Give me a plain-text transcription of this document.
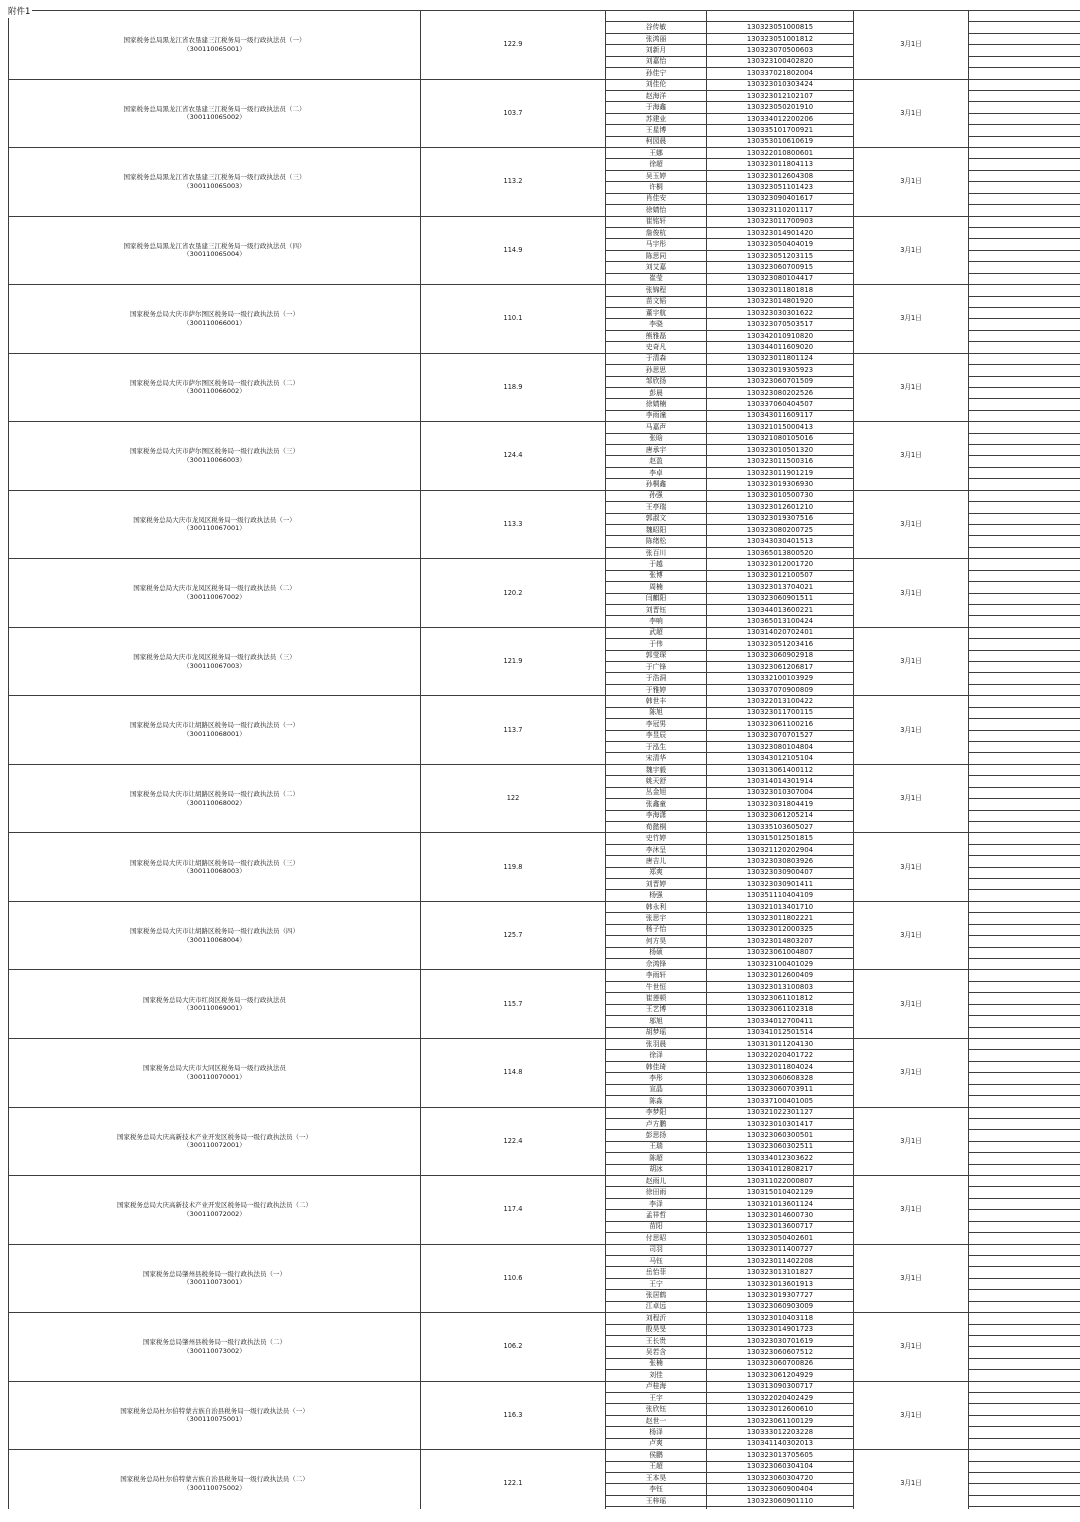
附件1
国家税务总局黑龙江省农垦建三江税务局一级行政执法员（一）
（300110065001）	122.9			3月1日	
		谷传敏	130323051000815		
		张鸿丽	130323051001812		
		刘新月	130323070500603		
		刘嘉怡	130323100402820		
		孙佳宁	130337021802004		

国家税务总局黑龙江省农垦建三江税务局一级行政执法员（二）
（300110065002）	103.7	刘佳伦	130323010303424	3月1日	
		赵海洋	130323012102107		
		于海鑫	130323050201910		
		苏建业	130334012200206		
		王星博	130335101700921		
		柯园晨	130353010610619		

国家税务总局黑龙江省农垦建三江税务局一级行政执法员（三）
（300110065003）	113.2	王娜	130322010800601	3月1日	
		徐超	130323011804113		
		吴玉婷	130323012604308		
		许桐	130323051101423		
		肖佳安	130323090401617		
		徐婧怡	130323110201117		

国家税务总局黑龙江省农垦建三江税务局一级行政执法员（四）
（300110065004）	114.9	崔铭轩	130323011700903	3月1日	
		詹俊杭	130323014901420		
		马宇彤	130323050404019		
		陈思同	130323051203115		
		刘艾嘉	130323060700915		
		崔莹	130323080104417		

国家税务总局大庆市萨尔图区税务局一级行政执法员（一）
（300110066001）	110.1	张锦程	130323011801818	3月1日	
		苗文韬	130323014801920		
		董宇航	130323030301622		
		李骁	130323070503517		
		熊雅磊	130342010910820		
		史奇凡	130344011609020		

国家税务总局大庆市萨尔图区税务局一级行政执法员（二）
（300110066002）	118.9	于清森	130323011801124	3月1日	
		孙思思	130323019305923		
		邹欣扬	130323060701509		
		彭晨	130323080202526		
		徐婧楠	130337060404507		
		李雨潼	130343011609117		

国家税务总局大庆市萨尔图区税务局一级行政执法员（三）
（300110066003）	124.4	马嘉声	130321015000413	3月1日	
		张晗	130321080105016		
		唐承宇	130323010501320		
		赵盈	130323011500316		
		李卓	130323011901219		
		孙桐鑫	130323019306930		

国家税务总局大庆市龙凤区税务局一级行政执法员（一）
（300110067001）	113.3	孙强	130323010500730	3月1日	
		王亭瑞	130323012601210		
		郭淑文	130323019307516		
		魏昭阳	130323080200725		
		陈绪松	130343030401513		
		张百川	130365013800520		

国家税务总局大庆市龙凤区税务局一级行政执法员（二）
（300110067002）	120.2	于越	130323012001720	3月1日	
		张博	130323012100507		
		周楠	130323013704021		
		闫麒阳	130323060901511		
		刘晋钰	130344013600221		
		李响	130365013100424		

国家税务总局大庆市龙凤区税务局一级行政执法员（三）
（300110067003）	121.9	武超	130314020702401	3月1日	
		于伟	130323051203416		
		郭莹琛	130323060902918		
		于广锋	130323061206817		
		于浩洞	130332100103929		
		于雅婷	130337070900809		

国家税务总局大庆市让胡路区税务局一级行政执法员（一）
（300110068001）	113.7	韩世丰	130322013100422	3月1日	
		陈旭	130323011700115		
		李冠男	130323061100216		
		李昱辰	130323070701527		
		于泓生	130323080104804		
		宋清华	130343012105104		

国家税务总局大庆市让胡路区税务局一级行政执法员（二）
（300110068002）	122	魏宇毅	130313061400112	3月1日	
		姚天舒	130314014301914		
		丛金旭	130323010307004		
		张鑫童	130323031804419		
		李海潇	130323061205214		
		荀懿桐	130335103605027		

国家税务总局大庆市让胡路区税务局一级行政执法员（三）
（300110068003）	119.8	史竹婷	130315012501815	3月1日	
		李沐呈	130321120202904		
		唐吉儿	130323030803926		
		郑爽	130323030900407		
		刘晋婷	130323030901411		
		杨强	130351110404109		

国家税务总局大庆市让胡路区税务局一级行政执法员（四）
（300110068004）	125.7	韩永利	130321013401710	3月1日	
		张思宇	130323011802221		
		杨子怡	130323012000325		
		何方昊	130323014803207		
		杨硕	130323061004807		
		佘鸿锋	130323100401029		

国家税务总局大庆市红岗区税务局一级行政执法员
（300110069001）	115.7	李雨轩	130323012600409	3月1日	
		牛世恒	130323013100803		
		崔莲顿	130323061101812		
		王艺博	130323061102318		
		邬旭	130334012700411		
		胡梦瑶	130341012501514		

国家税务总局大庆市大同区税务局一级行政执法员
（300110070001）	114.8	张羽晨	130313011204130	3月1日	
		徐泽	130322020401722		
		韩佳琦	130323011804024		
		李彤	130323060608328		
		宣晶	130323060703911		
		陈淼	130337100401005		

国家税务总局大庆高新技术产业开发区税务局一级行政执法员（一）
（300110072001）	122.4	李梦阳	130321022301127	3月1日	
		卢方鹏	130323010301417		
		彭思扬	130323060300501		
		王瑞	130323060302511		
		陈超	130334012303622		
		胡冰	130341012808217		

国家税务总局大庆高新技术产业开发区税务局一级行政执法员（二）
（300110072002）	117.4	赵雨儿	130311022000807	3月1日	
		徐田雨	130315010402129		
		李泽	130321013601124		
		孟祥哲	130323014600730		
		苗阳	130323013600717		
		付思昭	130323050402601		

国家税务总局肇州县税务局一级行政执法员（一）
（300110073001）	110.6	司羽	130323011400727	3月1日	
		马钰	130323011402208		
		岳怡菲	130323013101827		
		王宁	130323013601913		
		张居鹤	130323019307727		
		江卓远	130323060903009		

国家税务总局肇州县税务局一级行政执法员（二）
（300110073002）	106.2	刘程沂	130323010403118	3月1日	
		殷昊旻	130323014901723		
		王长贵	130323030701619		
		吴若含	130323060607512		
		张楠	130323060700826		
		刘佳	130323061204929		

国家税务总局杜尔伯特蒙古族自治县税务局一级行政执法员（一）
（300110075001）	116.3	卢桂海	130313090300717	3月1日	
		王宇	130322020402429		
		张欣钰	130323012600610		
		赵世一	130323061100129		
		杨泽	130333012203228		
		卢爽	130341140302013		

国家税务总局杜尔伯特蒙古族自治县税务局一级行政执法员（二）
（300110075002）	122.1	侯鹏	130323013705605	3月1日	
		王超	130323060304104		
		王本昊	130323060304720		
		李钰	130323060900404		
		王梓瑶	130323060901110		
